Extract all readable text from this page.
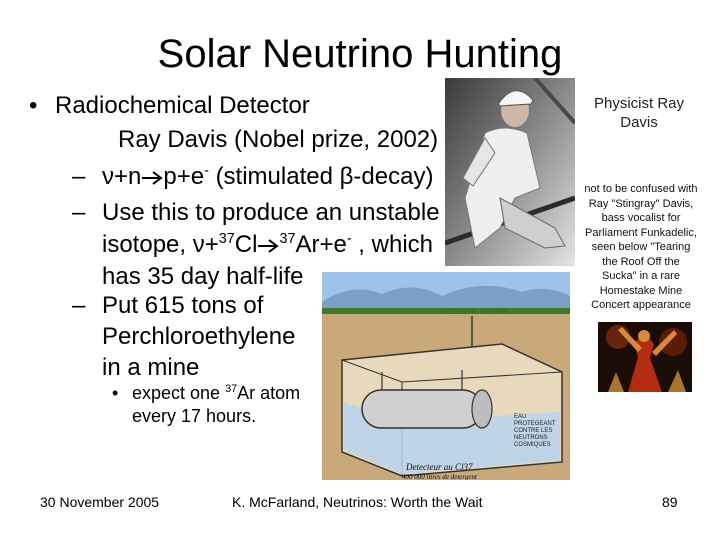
Solar Neutrino Hunting
• Radiochemical Detector
Ray Davis (Nobel prize, 2002)
– ν+n p+e- (stimulated β-decay)
– Use this to produce an unstable
isotope, ν+$^{37}$Cl $^{37}$Ar+e- , which
has 35 day half-life
– Put 615 tons of
Perchloroethylene
in a mine
• expect one $^{37}$Ar atom
every 17 hours.
Physicist Ray
Davis
not to be confused with
Ray "Stingray" Davis,
bass vocalist for
Parliament Funkadelic,
seen below "Tearing
the Roof Off the
Sucka" in a rare
Homestake Mine
Concert appearance
ACCES DE LA MINE
EAU
PROTEGEANT
CONTRE LES
NEUTRONS
COSMIQUES
Detecteur au Cl37
400 000 litres de detergent
30 November 2005	K. McFarland, Neutrinos: Worth the Wait	89
